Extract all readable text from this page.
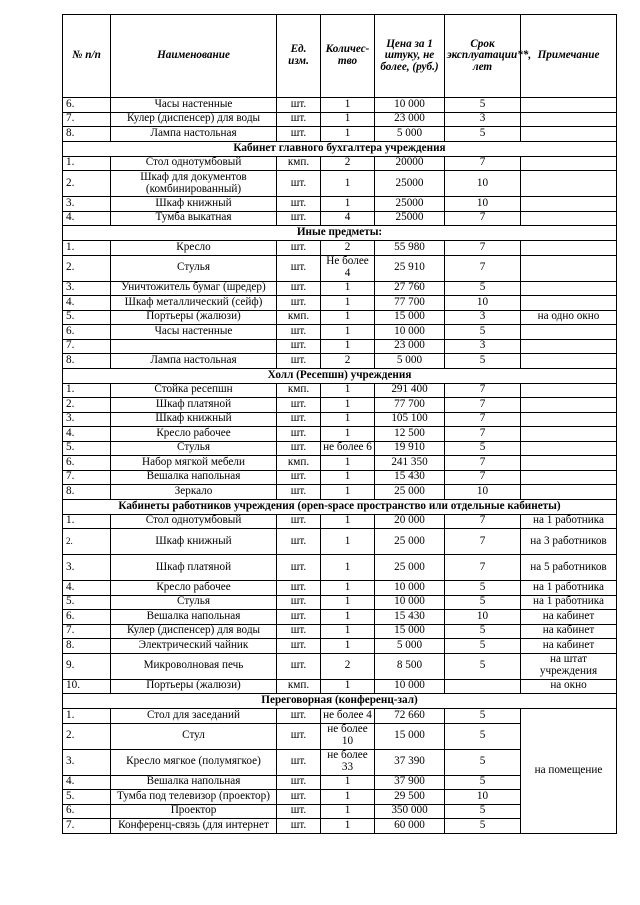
№ п/п	Наименование	Ед. изм.	Количес-тво	Цена за 1 штуку, не более, (руб.)	Срок эксплуатации**, лет	Примечание
6.	Часы настенные	шт.	1	10 000	5	
7.	Кулер (диспенсер) для воды	шт.	1	23 000	3	
8.	Лампа настольная	шт.	1	5 000	5	
Кабинет главного бухгалтера учреждения						
1.	Стол однотумбовый	кмп.	2	20000	7	
2.	Шкаф для документов (комбинированный)	шт.	1	25000	10	
3.	Шкаф книжный	шт.	1	25000	10	
4.	Тумба выкатная	шт.	4	25000	7	
Иные предметы:						
1.	Кресло	шт.	2	55 980	7	
2.	Стулья	шт.	Не более 4	25 910	7	
3.	Уничтожитель бумаг (шредер)	шт.	1	27 760	5	
4.	Шкаф металлический (сейф)	шт.	1	77 700	10	
5.	Портьеры (жалюзи)	кмп.	1	15 000	3	на одно окно
6.	Часы настенные	шт.	1	10 000	5	
7.		шт.	1	23 000	3	
8.	Лампа настольная	шт.	2	5 000	5	
Холл (Ресепшн) учреждения						
1.	Стойка ресепшн	кмп.	1	291 400	7	
2.	Шкаф платяной	шт.	1	77 700	7	
3.	Шкаф книжный	шт.	1	105 100	7	
4.	Кресло рабочее	шт.	1	12 500	7	
5.	Стулья	шт.	не более 6	19 910	5	
6.	Набор мягкой мебели	кмп.	1	241 350	7	
7.	Вешалка напольная	шт.	1	15 430	7	
8.	Зеркало	шт.	1	25 000	10	
Кабинеты работников учреждения (open-space пространство или отдельные кабинеты)						
1.	Стол однотумбовый	шт.	1	20 000	7	на 1 работника
2.	Шкаф книжный	шт.	1	25 000	7	на 3 работников
3.	Шкаф платяной	шт.	1	25 000	7	на 5 работников
4.	Кресло рабочее	шт.	1	10 000	5	на 1 работника
5.	Стулья	шт.	1	10 000	5	на 1 работника
6.	Вешалка напольная	шт.	1	15 430	10	на кабинет
7.	Кулер (диспенсер) для воды	шт.	1	15 000	5	на кабинет
8.	Электрический чайник	шт.	1	5 000	5	на кабинет
9.	Микроволновая печь	шт.	2	8 500	5	на штат учреждения
10.	Портьеры (жалюзи)	кмп.	1	10 000		на окно
Переговорная (конференц-зал)						
1.	Стол для заседаний	шт.	не более 4	72 660	5	на помещение
2.	Стул	шт.	не более 10	15 000	5	
3.	Кресло мягкое (полумягкое)	шт.	не более 33	37 390	5	
4.	Вешалка напольная	шт.	1	37 900	5	
5.	Тумба под телевизор (проектор)	шт.	1	29 500	10	
6.	Проектор	шт.	1	350 000	5	
7.	Конференц-связь (для интернет	шт.	1	60 000	5	
